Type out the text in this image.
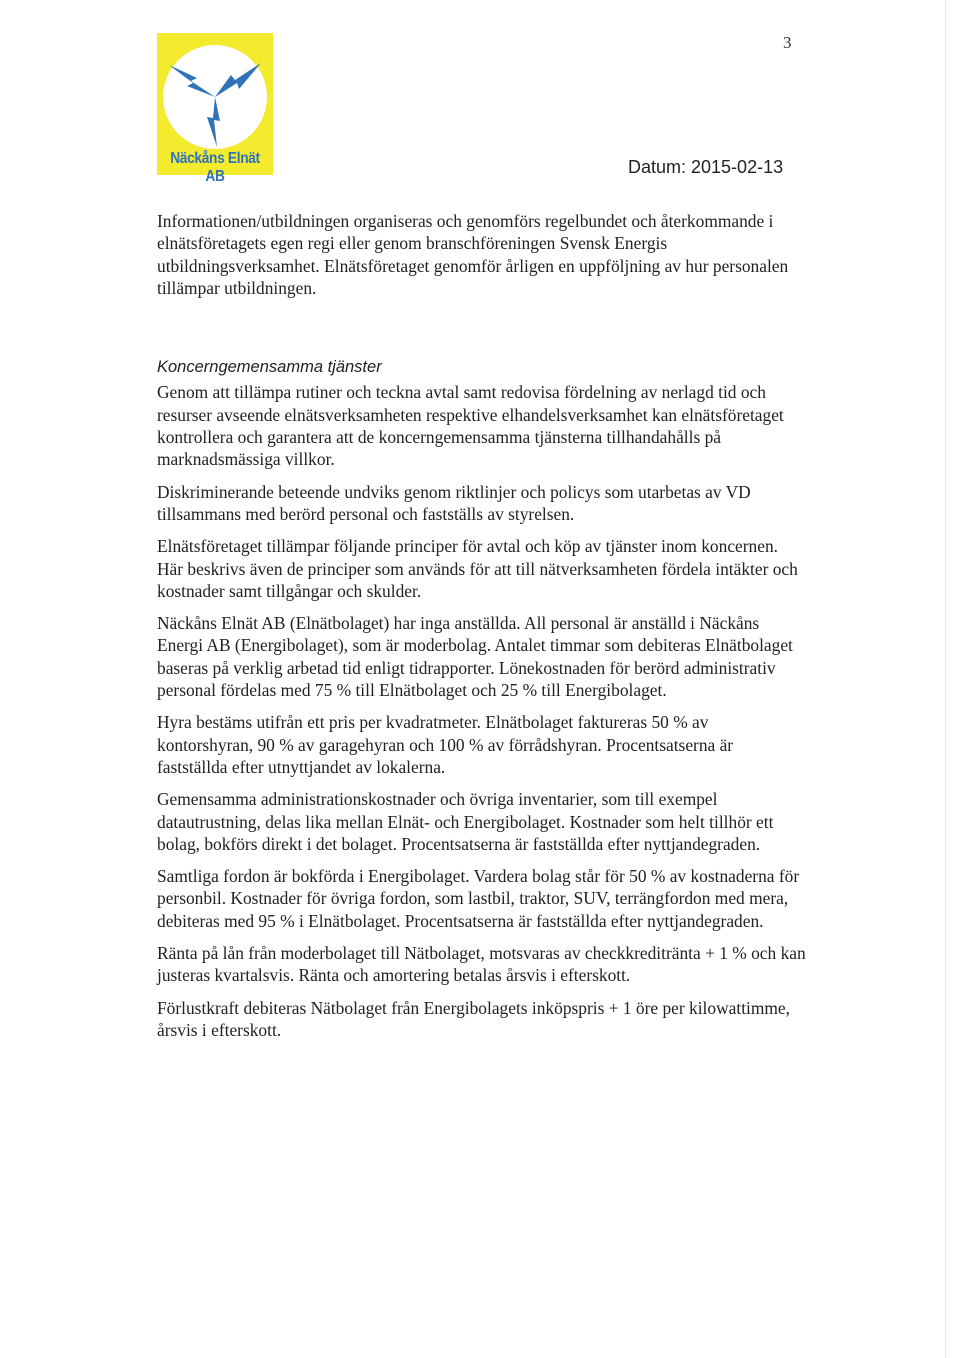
3
Näckåns Elnät AB	Datum: 2015-02-13

Informationen/utbildningen organiseras och genomförs regelbundet och återkommande i elnätsföretagets egen regi eller genom branschföreningen Svensk Energis utbildningsverksamhet. Elnätsföretaget genomför årligen en uppföljning av hur personalen tillämpar utbildningen.

Koncerngemensamma tjänster

Genom att tillämpa rutiner och teckna avtal samt redovisa fördelning av nerlagd tid och resurser avseende elnätsverksamheten respektive elhandelsverksamhet kan elnätsföretaget kontrollera och garantera att de koncerngemensamma tjänsterna tillhandahålls på marknadsmässiga villkor.

Diskriminerande beteende undviks genom riktlinjer och policys som utarbetas av VD tillsammans med berörd personal och fastställs av styrelsen.

Elnätsföretaget tillämpar följande principer för avtal och köp av tjänster inom koncernen. Här beskrivs även de principer som används för att till nätverksamheten fördela intäkter och kostnader samt tillgångar och skulder.

Näckåns Elnät AB (Elnätbolaget) har inga anställda. All personal är anställd i Näckåns Energi AB (Energibolaget), som är moderbolag. Antalet timmar som debiteras Elnätbolaget baseras på verklig arbetad tid enligt tidrapporter. Lönekostnaden för berörd administrativ personal fördelas med 75 % till Elnätbolaget och 25 % till Energibolaget.

Hyra bestäms utifrån ett pris per kvadratmeter. Elnätbolaget faktureras 50 % av kontorshyran, 90 % av garagehyran och 100 % av förrådshyran. Procentsatserna är fastställda efter utnyttjandet av lokalerna.

Gemensamma administrationskostnader och övriga inventarier, som till exempel datautrustning, delas lika mellan Elnät- och Energibolaget. Kostnader som helt tillhör ett bolag, bokförs direkt i det bolaget. Procentsatserna är fastställda efter nyttjandegraden.

Samtliga fordon är bokförda i Energibolaget. Vardera bolag står för 50 % av kostnaderna för personbil. Kostnader för övriga fordon, som lastbil, traktor, SUV, terrängfordon med mera, debiteras med 95 % i Elnätbolaget. Procentsatserna är fastställda efter nyttjandegraden.

Ränta på lån från moderbolaget till Nätbolaget, motsvaras av checkkreditränta + 1 % och kan justeras kvartalsvis. Ränta och amortering betalas årsvis i efterskott.

Förlustkraft debiteras Nätbolaget från Energibolagets inköpspris + 1 öre per kilowattimme, årsvis i efterskott.
